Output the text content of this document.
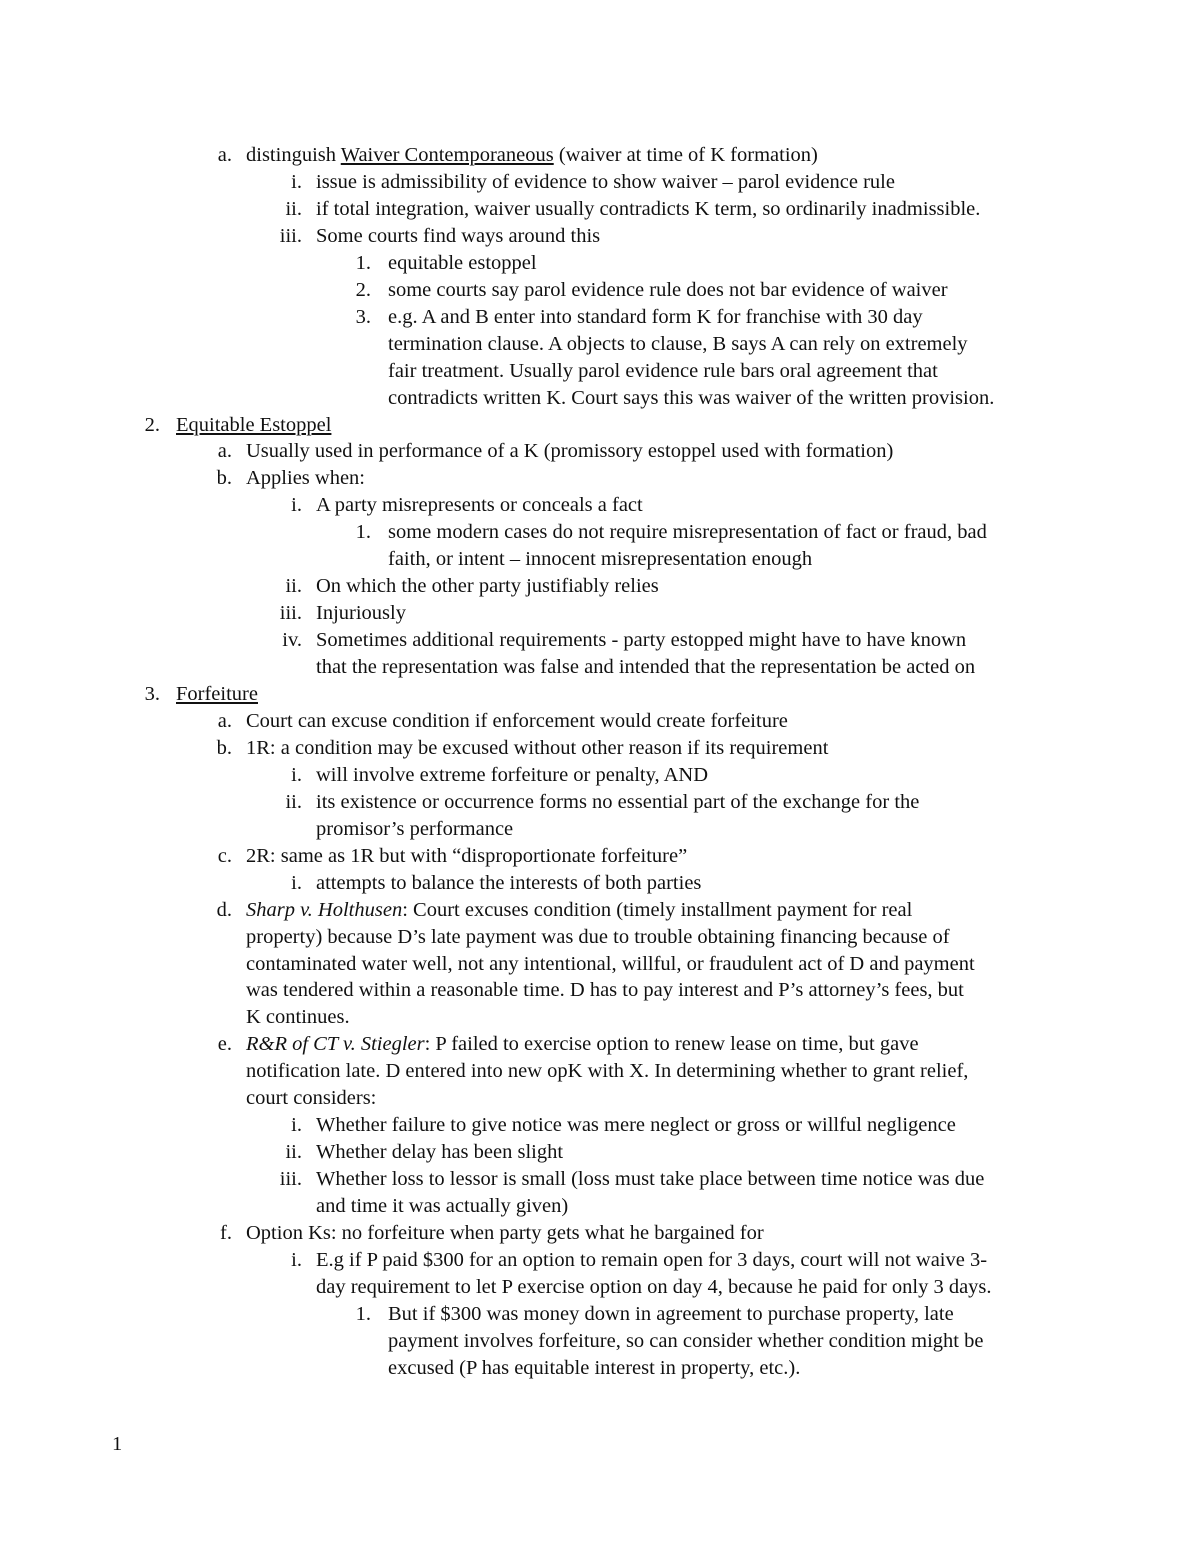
a. distinguish Waiver Contemporaneous (waiver at time of K formation)
i. issue is admissibility of evidence to show waiver – parol evidence rule
ii. if total integration, waiver usually contradicts K term, so ordinarily inadmissible.
iii. Some courts find ways around this
1. equitable estoppel
2. some courts say parol evidence rule does not bar evidence of waiver
3. e.g. A and B enter into standard form K for franchise with 30 day
termination clause. A objects to clause, B says A can rely on extremely
fair treatment. Usually parol evidence rule bars oral agreement that
contradicts written K. Court says this was waiver of the written provision.
2. Equitable Estoppel
a. Usually used in performance of a K (promissory estoppel used with formation)
b. Applies when:
i. A party misrepresents or conceals a fact
1. some modern cases do not require misrepresentation of fact or fraud, bad
faith, or intent – innocent misrepresentation enough
ii. On which the other party justifiably relies
iii. Injuriously
iv. Sometimes additional requirements - party estopped might have to have known
that the representation was false and intended that the representation be acted on
3. Forfeiture
a. Court can excuse condition if enforcement would create forfeiture
b. 1R: a condition may be excused without other reason if its requirement
i. will involve extreme forfeiture or penalty, AND
ii. its existence or occurrence forms no essential part of the exchange for the
promisor’s performance
c. 2R: same as 1R but with “disproportionate forfeiture”
i. attempts to balance the interests of both parties
d. Sharp v. Holthusen: Court excuses condition (timely installment payment for real
property) because D’s late payment was due to trouble obtaining financing because of
contaminated water well, not any intentional, willful, or fraudulent act of D and payment
was tendered within a reasonable time. D has to pay interest and P’s attorney’s fees, but
K continues.
e. R&R of CT v. Stiegler: P failed to exercise option to renew lease on time, but gave
notification late. D entered into new opK with X. In determining whether to grant relief,
court considers:
i. Whether failure to give notice was mere neglect or gross or willful negligence
ii. Whether delay has been slight
iii. Whether loss to lessor is small (loss must take place between time notice was due
and time it was actually given)
f. Option Ks: no forfeiture when party gets what he bargained for
i. E.g if P paid $300 for an option to remain open for 3 days, court will not waive 3-
day requirement to let P exercise option on day 4, because he paid for only 3 days.
1. But if $300 was money down in agreement to purchase property, late
payment involves forfeiture, so can consider whether condition might be
excused (P has equitable interest in property, etc.).
1
